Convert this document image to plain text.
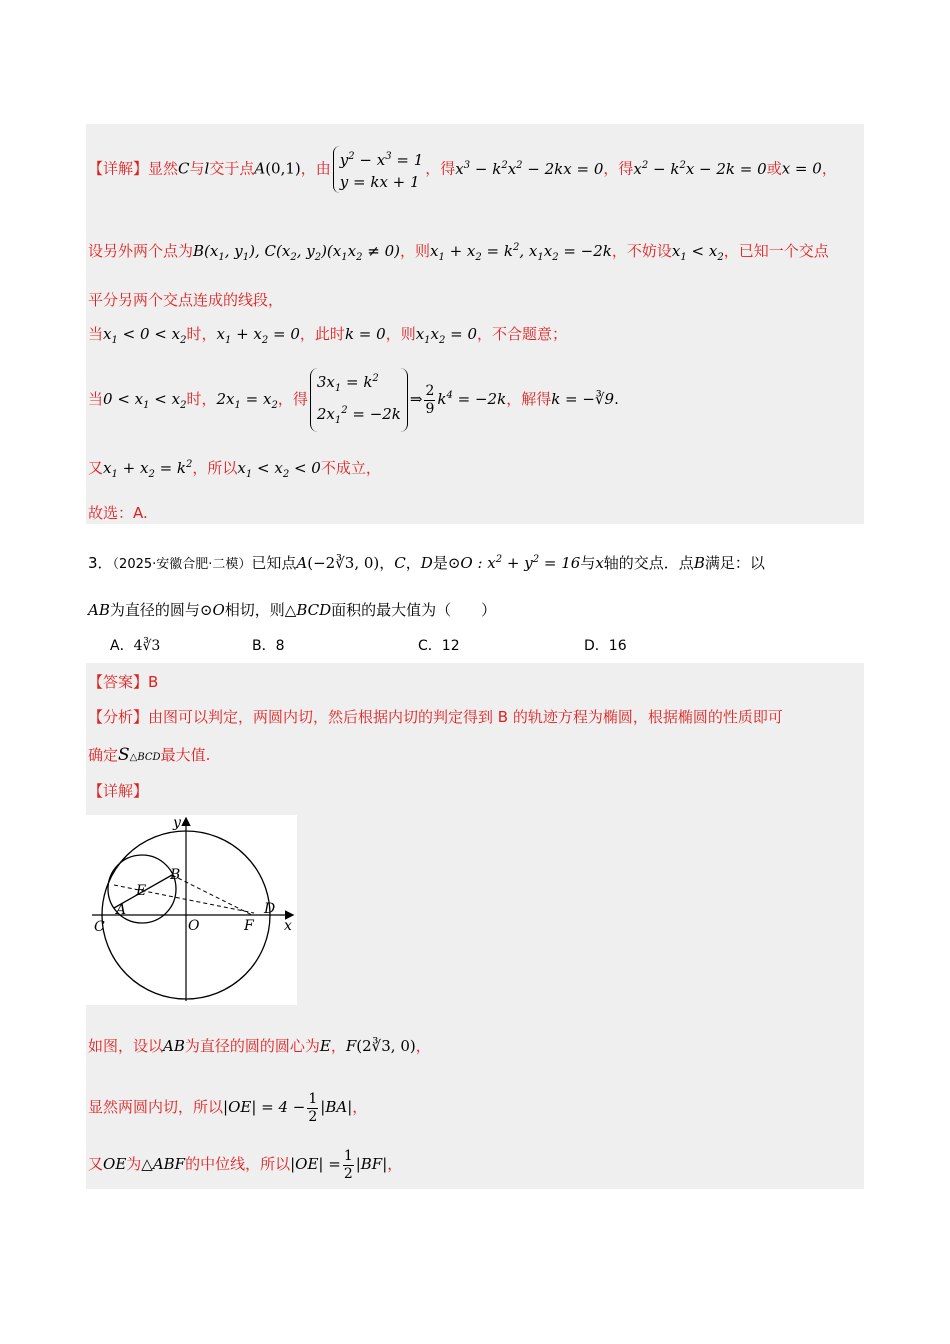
【详解】显然C与l交于点A(0,1)，由 $y^2 - x^3 = 1$
y = kx + 1，得$x^3 - k^2x^2 - 2kx = 0$，得$x^2 - k^2x - 2k = 0$或x = 0，
设另外两个点为$B(x_1$, $y_1$), $C(x_2$, $y_2)(x_1x_2 \ne 0)$，则$x_1 + x_2 = k^2$, $x_1x_2 = -2k$，不妨设$x_1 < x_2$，已知一个交点
平分另两个交点连成的线段，
当$x_1 < 0 < x_2$时，$x_1 + x_2 = 0$，此时k = 0，则$x_1x_2 = 0$，不合题意；
当$0 < x_1 < x_2$时，$2x_1 = x_2$，得$3x_1 = k^2$
$2x_1^2$ = −2k⇒ $\frac{2}{9} k^4 = -2k$，解得k = −∛9.
又$x_1 + x_2 = k^2$，所以$x_1 < x_2 < 0$不成立，
故选：A.
3．（2025·安徽合肥·二模）已知点A(−2∛3, 0)，C，D是⊙O : $x^2 + y^2 = 16$与x轴的交点．点B满足：以
AB为直径的圆与⊙O相切，则△BCD面积的最大值为（　　）
A．4∛3	B．8	C．12	D．16
【答案】B
【分析】由图可以判定，两圆内切，然后根据内切的判定得到 B 的轨迹方程为椭圆，根据椭圆的性质即可
确定S△BCD最大值.
【详解】
y
x
B
E
A
C	O	F
D
如图，设以AB为直径的圆的圆心为E，F(2∛3, 0)，
显然两圆内切，所以$|OE| = 4 - \frac{1}{2} |BA|$，
又OE为△ABF的中位线，所以$|OE| = \frac{1}{2} |BF|$，
